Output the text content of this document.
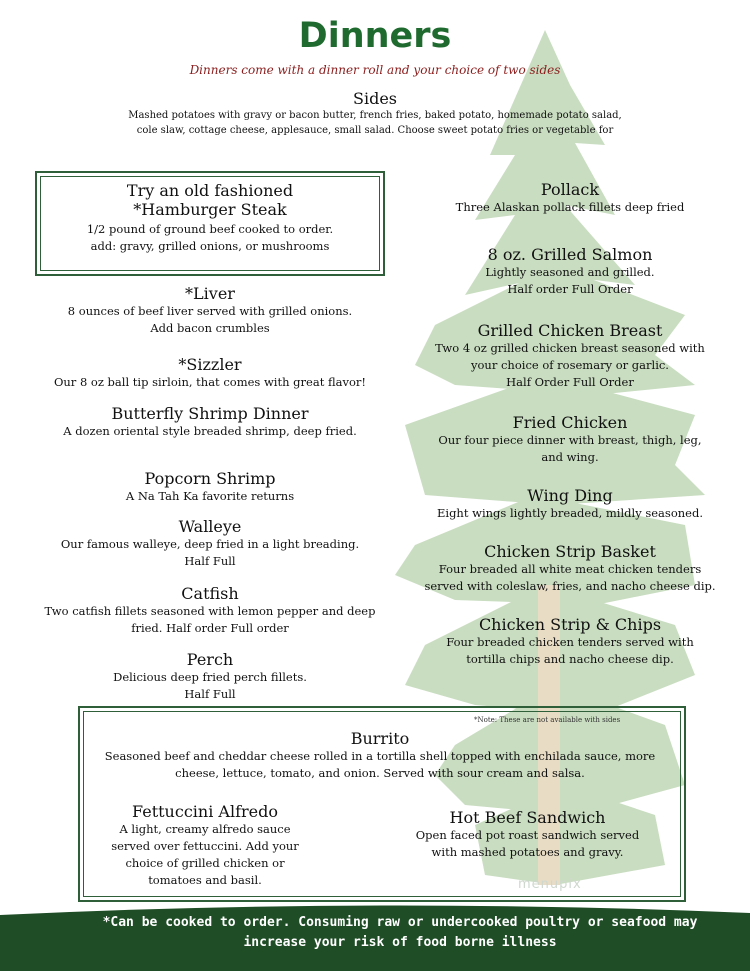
Dinners
Dinners come with a dinner roll and your choice of two sides
Sides
Mashed potatoes with gravy or bacon butter, french fries, baked potato, homemade potato salad,
cole slaw, cottage cheese, applesauce, small salad. Choose sweet potato fries or vegetable for
Try an old fashioned
*Hamburger Steak
1/2 pound of ground beef cooked to order.
add: gravy, grilled onions, or mushrooms
*Liver
8 ounces of beef liver served with grilled onions.
Add bacon crumbles
*Sizzler
Our 8 oz ball tip sirloin, that comes with great flavor!
Butterfly Shrimp Dinner
A dozen oriental style breaded shrimp, deep fried.
Popcorn Shrimp
A Na Tah Ka favorite returns
Walleye
Our famous walleye, deep fried in a light breading.
Half Full
Catfish
Two catfish fillets seasoned with lemon pepper and deep
fried. Half order Full order
Perch
Delicious deep fried perch fillets.
Half Full
Pollack
Three Alaskan pollack fillets deep fried
8 oz. Grilled Salmon
Lightly seasoned and grilled.
Half order Full Order
Grilled Chicken Breast
Two 4 oz grilled chicken breast seasoned with
your choice of rosemary or garlic.
Half Order Full Order
Fried Chicken
Our four piece dinner with breast, thigh, leg,
and wing.
Wing Ding
Eight wings lightly breaded, mildly seasoned.
Chicken Strip Basket
Four breaded all white meat chicken tenders
served with coleslaw, fries, and nacho cheese dip.
Chicken Strip & Chips
Four breaded chicken tenders served with
tortilla chips and nacho cheese dip.
*Note: These are not available with sides
Burrito
Seasoned beef and cheddar cheese rolled in a tortilla shell topped with enchilada sauce, more
cheese, lettuce, tomato, and onion. Served with sour cream and salsa.
Fettuccini Alfredo
A light, creamy alfredo sauce
served over fettuccini. Add your
choice of grilled chicken or
tomatoes and basil.
Hot Beef Sandwich
Open faced pot roast sandwich served
with mashed potatoes and gravy.
menupix
*Can be cooked to order. Consuming raw or undercooked poultry or seafood may
increase your risk of food borne illness
